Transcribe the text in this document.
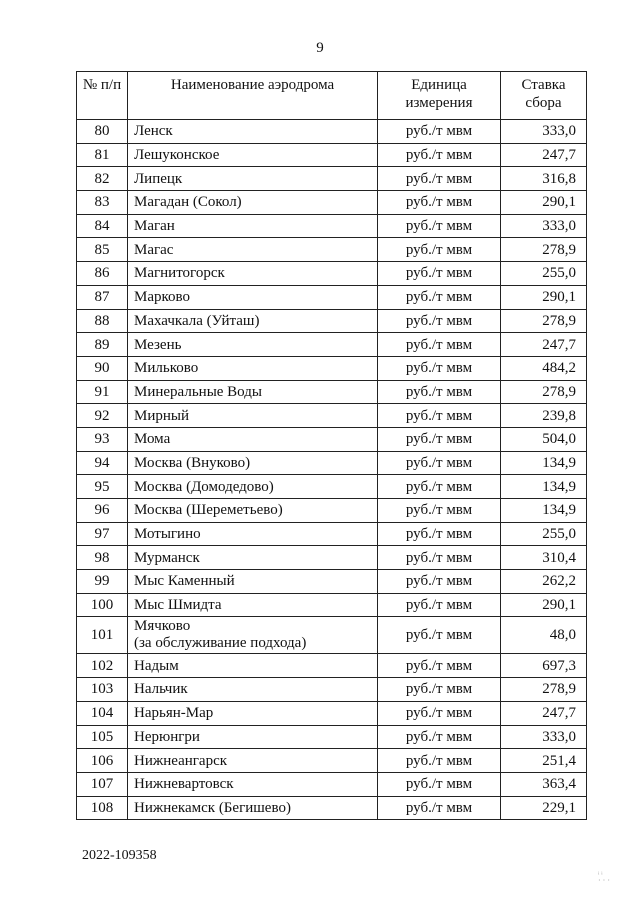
9
№ п/п	Наименование аэродрома	Единица измерения	Ставка сбора
80	Ленск	руб./т мвм	333,0
81	Лешуконское	руб./т мвм	247,7
82	Липецк	руб./т мвм	316,8
83	Магадан (Сокол)	руб./т мвм	290,1
84	Маган	руб./т мвм	333,0
85	Магас	руб./т мвм	278,9
86	Магнитогорск	руб./т мвм	255,0
87	Марково	руб./т мвм	290,1
88	Махачкала (Уйташ)	руб./т мвм	278,9
89	Мезень	руб./т мвм	247,7
90	Мильково	руб./т мвм	484,2
91	Минеральные Воды	руб./т мвм	278,9
92	Мирный	руб./т мвм	239,8
93	Мома	руб./т мвм	504,0
94	Москва (Внуково)	руб./т мвм	134,9
95	Москва (Домодедово)	руб./т мвм	134,9
96	Москва (Шереметьево)	руб./т мвм	134,9
97	Мотыгино	руб./т мвм	255,0
98	Мурманск	руб./т мвм	310,4
99	Мыс Каменный	руб./т мвм	262,2
100	Мыс Шмидта	руб./т мвм	290,1
101	Мячково
(за обслуживание подхода)	руб./т мвм	48,0
102	Надым	руб./т мвм	697,3
103	Нальчик	руб./т мвм	278,9
104	Нарьян-Мар	руб./т мвм	247,7
105	Нерюнгри	руб./т мвм	333,0
106	Нижнеангарск	руб./т мвм	251,4
107	Нижневартовск	руб./т мвм	363,4
108	Нижнекамск (Бегишево)	руб./т мвм	229,1
2022-109358
ᵢ ᵢ
· · ·
